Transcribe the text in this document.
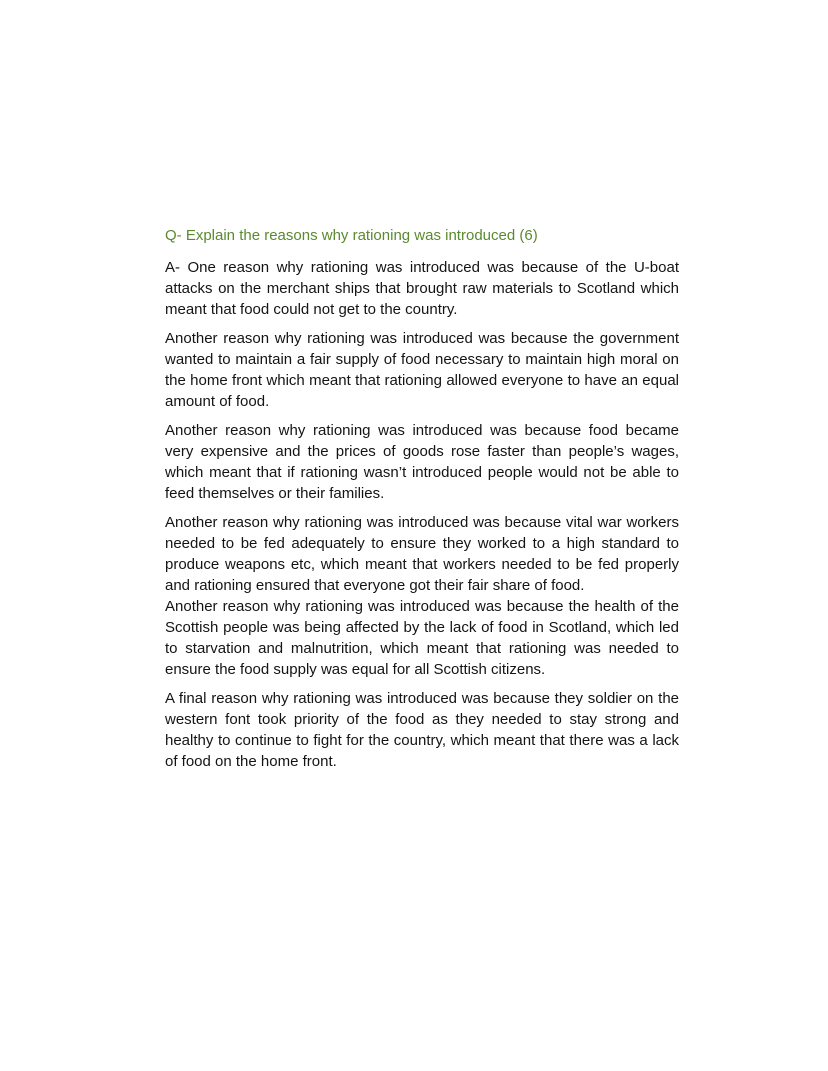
Q- Explain the reasons why rationing was introduced (6)

A- One reason why rationing was introduced was because of the U-boat attacks on the merchant ships that brought raw materials to Scotland which meant that food could not get to the country.

Another reason why rationing was introduced was because the government wanted to maintain a fair supply of food necessary to maintain high moral on the home front which meant that rationing allowed everyone to have an equal amount of food.

Another reason why rationing was introduced was because food became very expensive and the prices of goods rose faster than people’s wages, which meant that if rationing wasn’t introduced people would not be able to feed themselves or their families.

Another reason why rationing was introduced was because vital war workers needed to be fed adequately to ensure they worked to a high standard to produce weapons etc, which meant that workers needed to be fed properly and rationing ensured that everyone got their fair share of food.

Another reason why rationing was introduced was because the health of the Scottish people was being affected by the lack of food in Scotland, which led to starvation and malnutrition, which meant that rationing was needed to ensure the food supply was equal for all Scottish citizens.

A final reason why rationing was introduced was because they soldier on the western font took priority of the food as they needed to stay strong and healthy to continue to fight for the country, which meant that there was a lack of food on the home front.
